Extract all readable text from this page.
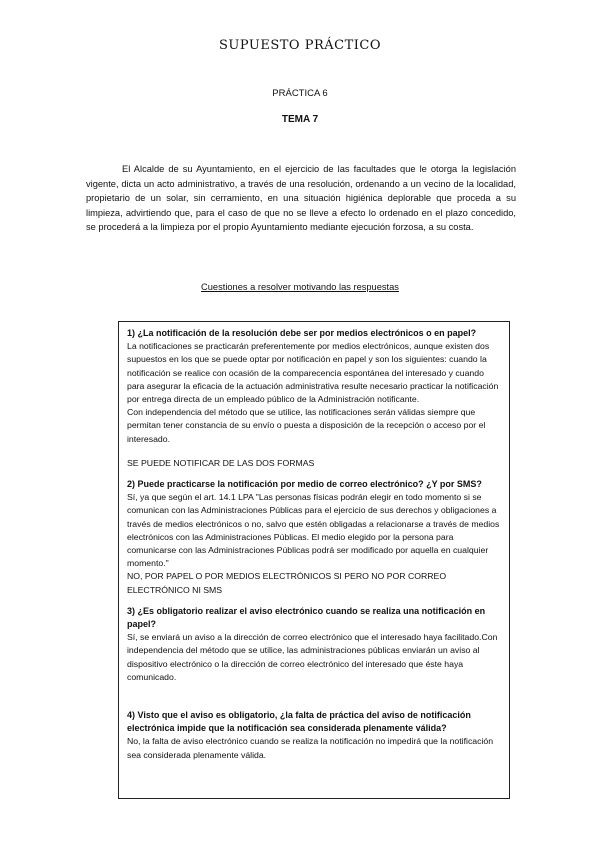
SUPUESTO PRÁCTICO
PRÁCTICA 6
TEMA 7

El Alcalde de su Ayuntamiento, en el ejercicio de las facultades que le otorga la legislación vigente, dicta un acto administrativo, a través de una resolución, ordenando a un vecino de la localidad, propietario de un solar, sin cerramiento, en una situación higiénica deplorable que proceda a su limpieza, advirtiendo que, para el caso de que no se lleve a efecto lo ordenado en el plazo concedido, se procederá a la limpieza por el propio Ayuntamiento mediante ejecución forzosa, a su costa.

Cuestiones a resolver motivando las respuestas

1) ¿La notificación de la resolución debe ser por medios electrónicos o en papel?

La notificaciones se practicarán preferentemente por medios electrónicos, aunque existen dos supuestos en los que se puede optar por notificación en papel y son los siguientes: cuando la notificación se realice con ocasión de la comparecencia espontánea del interesado y cuando para asegurar la eficacia de la actuación administrativa resulte necesario practicar la notificación por entrega directa de un empleado público de la Administración notificante.

Con independencia del método que se utilice, las notificaciones serán válidas siempre que permitan tener constancia de su envío o puesta a disposición de la recepción o acceso por el interesado.

SE PUEDE NOTIFICAR DE LAS DOS FORMAS

2) Puede practicarse la notificación por medio de correo electrónico? ¿Y por SMS?

Sí, ya que según el art. 14.1 LPA "Las personas físicas podrán elegir en todo momento si se comunican con las Administraciones Públicas para el ejercicio de sus derechos y obligaciones a través de medios electrónicos o no, salvo que estén obligadas a relacionarse a través de medios electrónicos con las Administraciones Públicas. El medio elegido por la persona para comunicarse con las Administraciones Públicas podrá ser modificado por aquella en cualquier momento."

NO, POR PAPEL O POR MEDIOS ELECTRÓNICOS SI PERO NO POR CORREO ELECTRÓNICO NI SMS

3) ¿Es obligatorio realizar el aviso electrónico cuando se realiza una notificación en papel?

Sí, se enviará un aviso a la dirección de correo electrónico que el interesado haya facilitado.Con independencia del método que se utilice, las administraciones públicas enviarán un aviso al dispositivo electrónico o la dirección de correo electrónico del interesado que éste haya comunicado.

4) Visto que el aviso es obligatorio, ¿la falta de práctica del aviso de notificación electrónica impide que la notificación sea considerada plenamente válida?

No, la falta de aviso electrónico cuando se realiza la notificación no impedirá que la notificación sea considerada plenamente válida.
